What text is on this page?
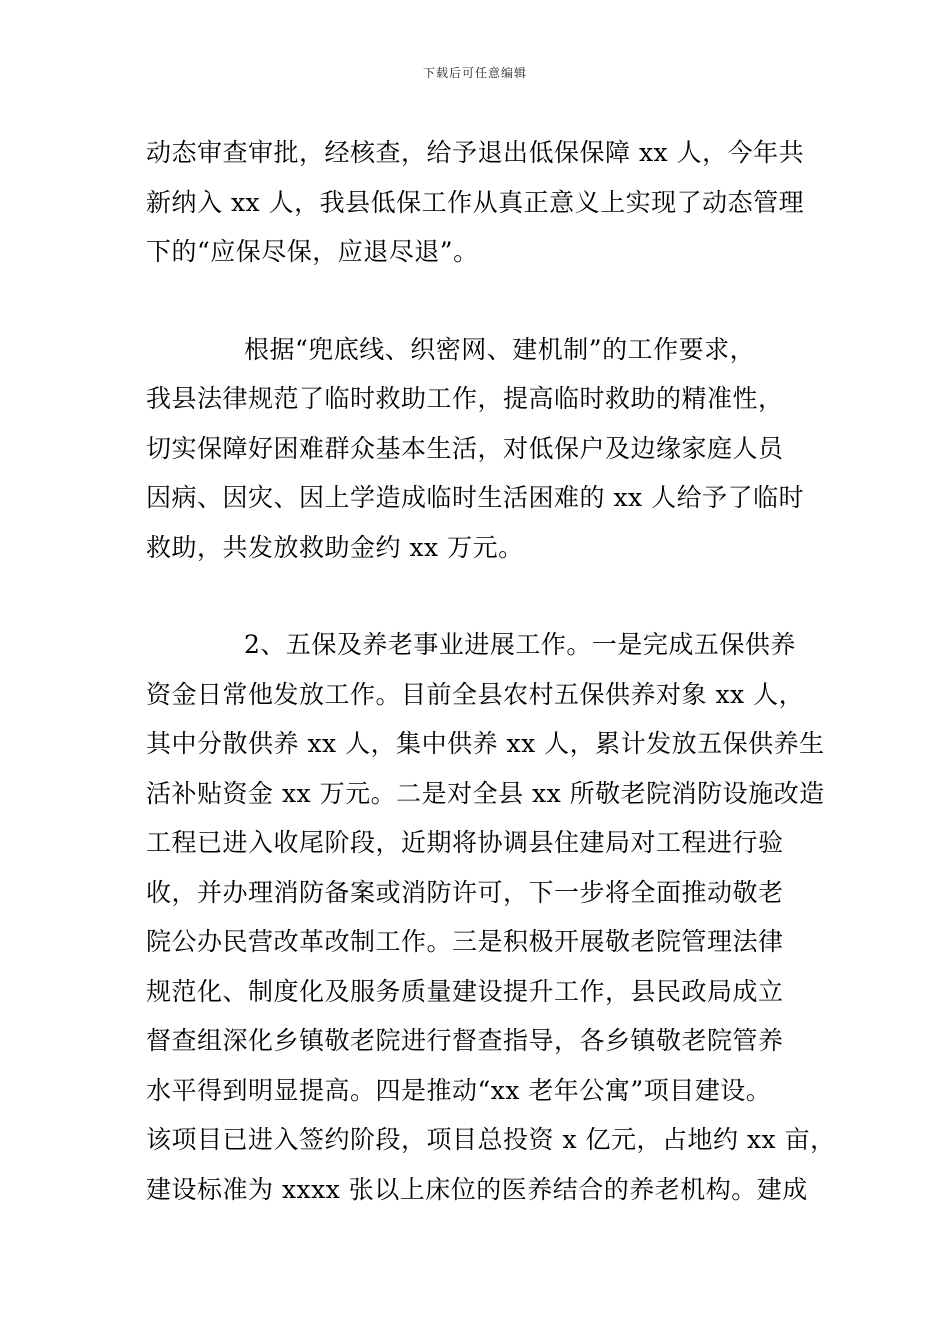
下载后可任意编辑
动态审查审批，经核查，给予退出低保保障 xx 人，今年共
新纳入 xx 人，我县低保工作从真正意义上实现了动态管理
下的“应保尽保，应退尽退”。
根据“兜底线、织密网、建机制”的工作要求，
我县法律规范了临时救助工作，提高临时救助的精准性，
切实保障好困难群众基本生活，对低保户及边缘家庭人员
因病、因灾、因上学造成临时生活困难的 xx 人给予了临时
救助，共发放救助金约 xx 万元。
2、五保及养老事业进展工作。一是完成五保供养
资金日常他发放工作。目前全县农村五保供养对象 xx 人，
其中分散供养 xx 人，集中供养 xx 人，累计发放五保供养生
活补贴资金 xx 万元。二是对全县 xx 所敬老院消防设施改造
工程已进入收尾阶段，近期将协调县住建局对工程进行验
收，并办理消防备案或消防许可，下一步将全面推动敬老
院公办民营改革改制工作。三是积极开展敬老院管理法律
规范化、制度化及服务质量建设提升工作，县民政局成立
督查组深化乡镇敬老院进行督查指导，各乡镇敬老院管养
水平得到明显提高。四是推动“xx 老年公寓”项目建设。
该项目已进入签约阶段，项目总投资 x 亿元，占地约 xx 亩，
建设标准为 xxxx 张以上床位的医养结合的养老机构。建成
